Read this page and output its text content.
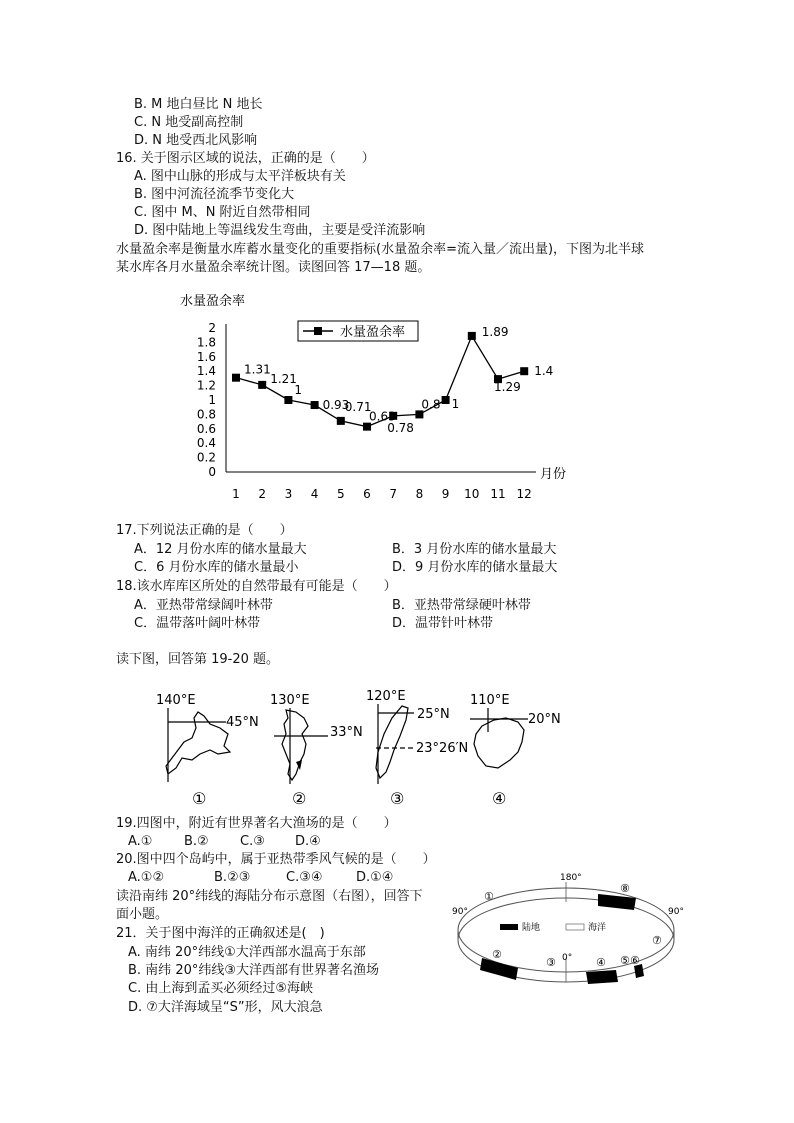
B. M 地白昼比 N 地长
C. N 地受副高控制
D. N 地受西北风影响
16. 关于图示区域的说法，正确的是（　　）
A. 图中山脉的形成与太平洋板块有关
B. 图中河流径流季节变化大
C. 图中 M、N 附近自然带相同
D. 图中陆地上等温线发生弯曲，主要是受洋流影响
水量盈余率是衡量水库蓄水量变化的重要指标(水量盈余率=流入量／流出量)，下图为北半球
某水库各月水量盈余率统计图。读图回答 17—18 题。
水量盈余率
月份
水量盈余率
0
0.2
0.4
0.6
0.8
1
1.2
1.4
1.6
1.8
2
1 2 3 4 5 6 7 8 9 10 11 12
1.31
1.21
1
0.93
0.71
0.63
0.78
0.8 1
1.89
1.29
1.4
17.下列说法正确的是（　　）
A．12 月份水库的储水量最大	B．3 月份水库的储水量最大
C．6 月份水库的储水量最小	D．9 月份水库的储水量最大
18.该水库库区所处的自然带最有可能是（　　）
A．亚热带常绿阔叶林带	B．亚热带常绿硬叶林带
C．温带落叶阔叶林带	D．温带针叶林带
读下图，回答第 19-20 题。
140°E
45°N
①
130°E
33°N
②
120°E
25°N
23°26′N
③
110°E
20°N
④
19.四图中，附近有世界著名大渔场的是（　　）
A.① B.② C.③ D.④
20.图中四个岛屿中，属于亚热带季风气候的是（　　）
A.①②	B.②③	C.③④	D.①④
读沿南纬 20°纬线的海陆分布示意图（右图），回答下
面小题。
21．关于图中海洋的正确叙述是(　)
A. 南纬 20°纬线①大洋西部水温高于东部
B. 南纬 20°纬线③大洋西部有世界著名渔场
C. 由上海到孟买必须经过⑤海峡
D. ⑦大洋海域呈“S”形，风大浪急
180°
0°
90°	90°
陆地	海洋
①
②
③	④ ⑤ ⑥
⑦
⑧
